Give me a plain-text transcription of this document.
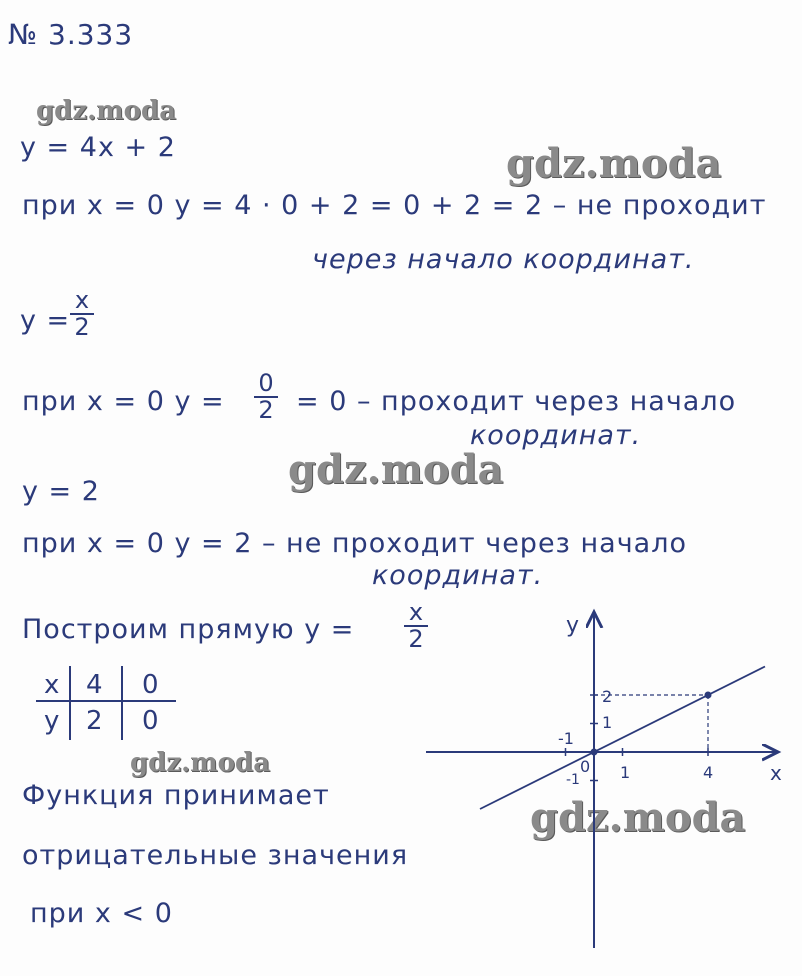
№ 3.333
gdz.moda
gdz.moda
gdz.moda
gdz.moda
gdz.moda
y = 4x + 2
при x = 0 y = 4 · 0 + 2 = 0 + 2 = 2 – не проходит
через начало координат.
y =
x
2
при x = 0 y =
0
2 = 0 – проходит через начало
координат.
y = 2
при x = 0 y = 2 – не проходит через начало
координат.
Построим прямую y =
x
2
x 4 0
y 2 0
Функция принимает
отрицательные значения
при x < 0
y
x
2
1
-1
-1
0 1	4
